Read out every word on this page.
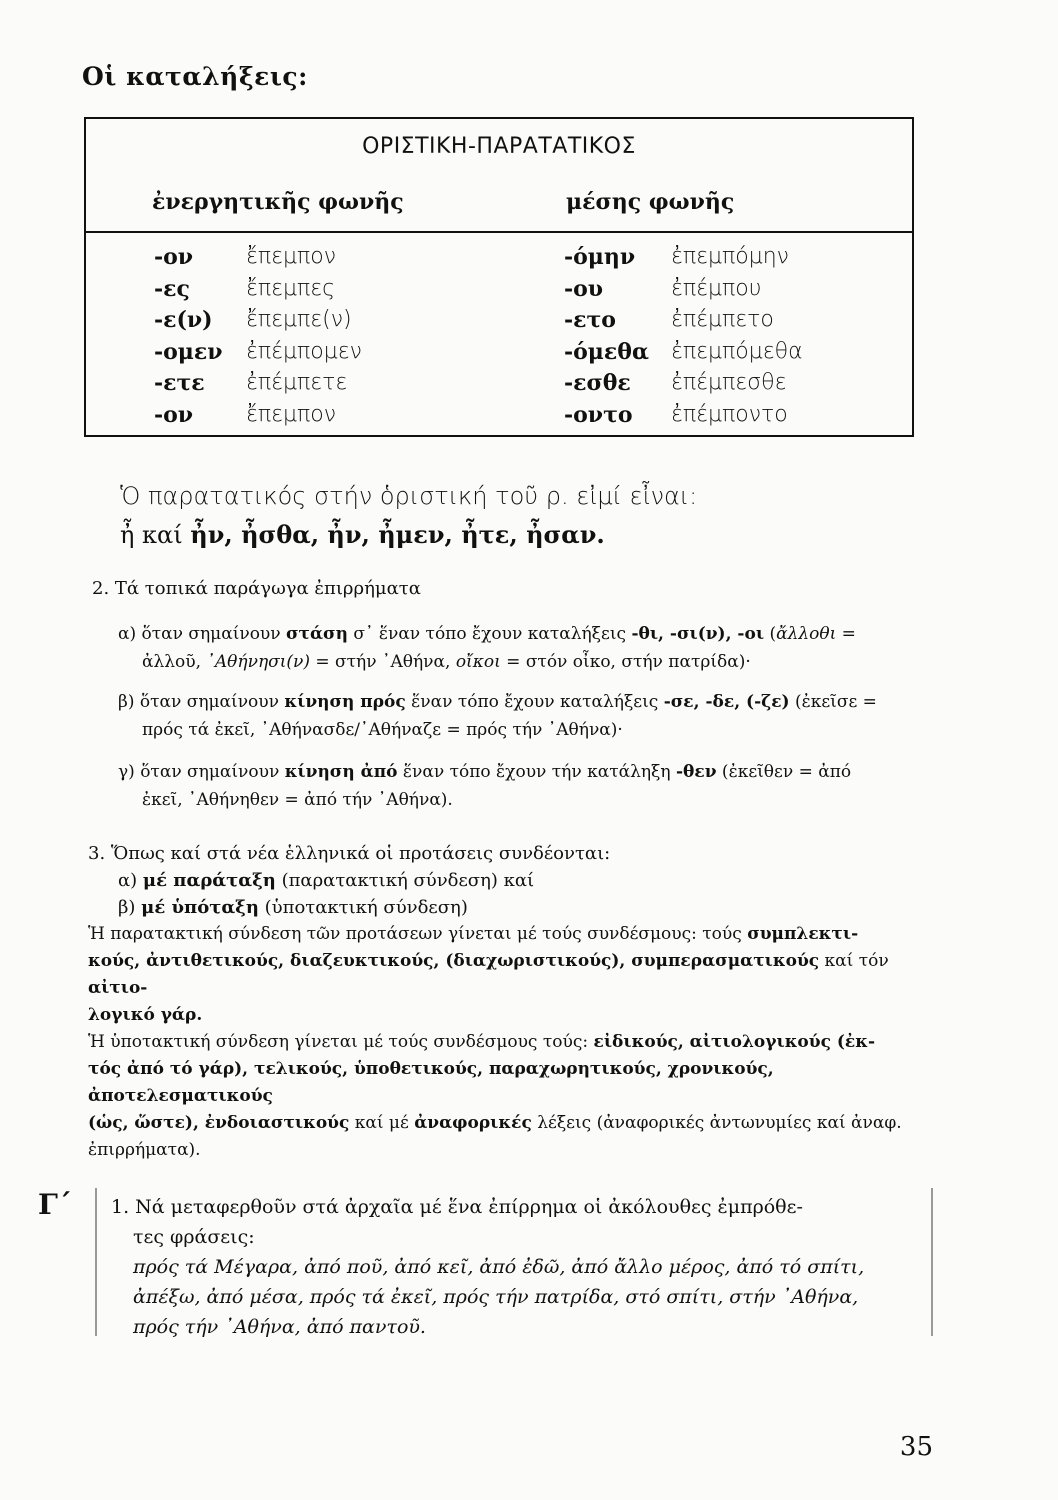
Οἱ καταλήξεις:
ΟΡΙΣΤΙΚΗ-ΠΑΡΑΤΑΤΙΚΟΣ
ἐνεργητικῆς φωνῆς	μέσης φωνῆς
-ον ἔπεμπον	-όμην ἐπεμπόμην
-ες	ἔπεμπες	-ου	ἐπέμπου
-ε(ν) ἔπεμπε(ν)	-ετο	ἐπέμπετο
-ομεν ἐπέμπομεν	-όμεθα ἐπεμπόμεθα
-ετε ἐπέμπετε	-εσθε ἐπέμπεσθε
-ον ἔπεμπον	-οντο ἐπέμποντο
Ὁ παρατατικός στήν ὁριστική τοῦ ρ. εἰμί εἶναι:
ἦ καί ἦν, ἦσθα, ἦν, ἦμεν, ἦτε, ἦσαν.
2. Τά τοπικά παράγωγα ἐπιρρήματα
α) ὅταν σημαίνουν στάση σ᾽ ἕναν τόπο ἔχουν καταλήξεις -θι, -σι(ν), -οι (ἄλλοθι =
ἀλλοῦ, ᾽Αθήνησι(ν) = στήν ᾽Αθήνα, οἴκοι = στόν οἶκο, στήν πατρίδα)·
β) ὅταν σημαίνουν κίνηση πρός ἕναν τόπο ἔχουν καταλήξεις -σε, -δε, (-ζε) (ἐκεῖσε =
πρός τά ἐκεῖ, ᾽Αθήνασδε/᾽Αθήναζε = πρός τήν ᾽Αθήνα)·
γ) ὅταν σημαίνουν κίνηση ἀπό ἕναν τόπο ἔχουν τήν κατάληξη -θεν (ἐκεῖθεν = ἀπό
ἐκεῖ, ᾽Αθήνηθεν = ἀπό τήν ᾽Αθήνα).
3. Ὅπως καί στά νέα ἑλληνικά οἱ προτάσεις συνδέονται:
α) μέ παράταξη (παρατακτική σύνδεση) καί
β) μέ ὑπόταξη (ὑποτακτική σύνδεση)
Ἡ παρατακτική σύνδεση τῶν προτάσεων γίνεται μέ τούς συνδέσμους: τούς συμπλεκτι-
κούς, ἀντιθετικούς, διαζευκτικούς, (διαχωριστικούς), συμπερασματικούς καί τόν αἰτιο-
λογικό γάρ.
Ἡ ὑποτακτική σύνδεση γίνεται μέ τούς συνδέσμους τούς: εἰδικούς, αἰτιολογικούς (ἐκ-
τός ἀπό τό γάρ), τελικούς, ὑποθετικούς, παραχωρητικούς, χρονικούς, ἀποτελεσματικούς
(ὡς, ὥστε), ἐνδοιαστικούς καί μέ ἀναφορικές λέξεις (ἀναφορικές ἀντωνυμίες καί ἀναφ.
ἐπιρρήματα).
Γ΄ 1. Νά μεταφερθοῦν στά ἀρχαῖα μέ ἕνα ἐπίρρημα οἱ ἀκόλουθες ἐμπρόθε-
τες φράσεις:
πρός τά Μέγαρα, ἀπό ποῦ, ἀπό κεῖ, ἀπό ἐδῶ, ἀπό ἄλλο μέρος, ἀπό τό σπίτι,
ἀπέξω, ἀπό μέσα, πρός τά ἐκεῖ, πρός τήν πατρίδα, στό σπίτι, στήν ᾽Αθήνα,
πρός τήν ᾽Αθήνα, ἀπό παντοῦ.
35
